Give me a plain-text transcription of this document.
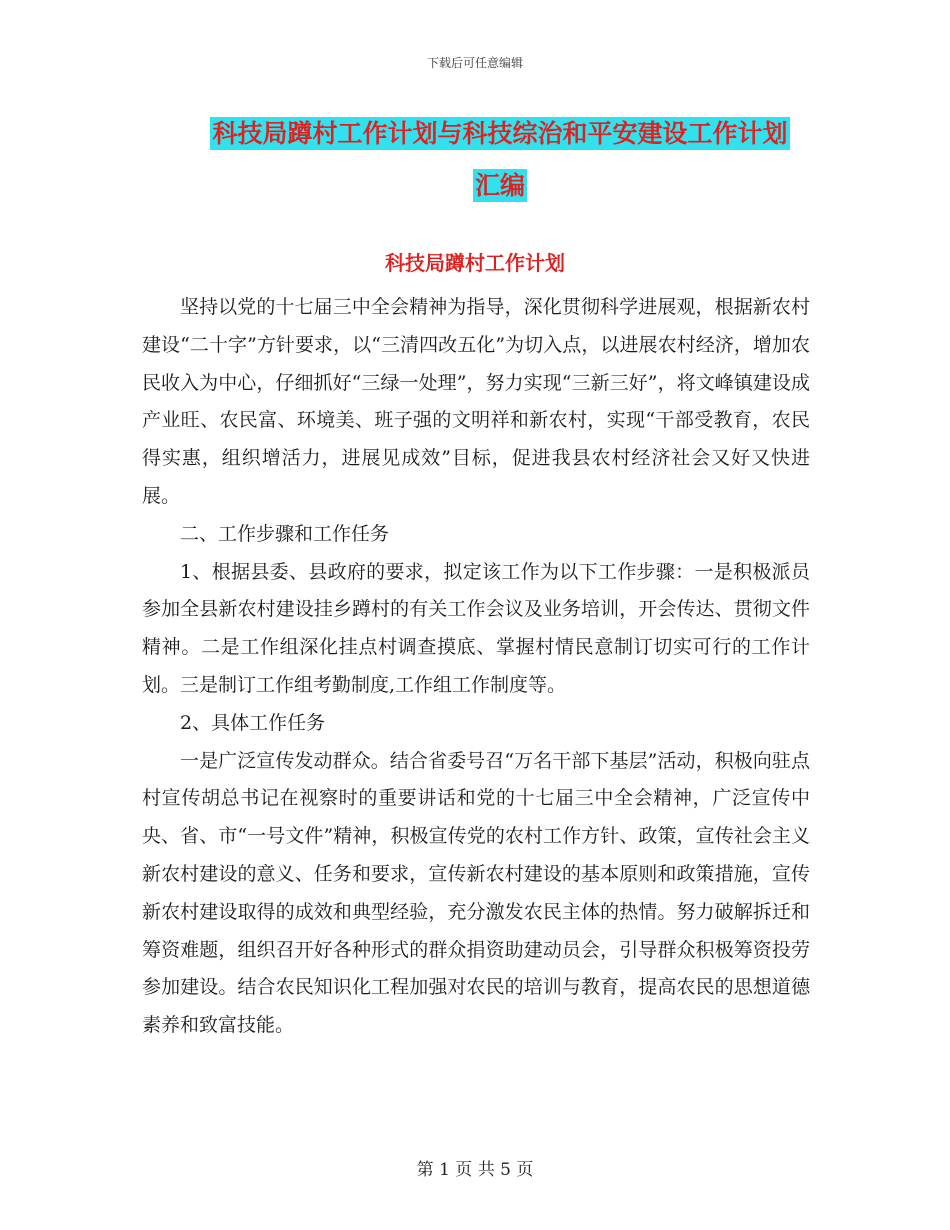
下载后可任意编辑
科技局蹲村工作计划与科技综治和平安建设工作计划
汇编
科技局蹲村工作计划

坚持以党的十七届三中全会精神为指导，深化贯彻科学进展观，根据新农村建设“二十字”方针要求，以“三清四改五化”为切入点，以进展农村经济，增加农民收入为中心，仔细抓好“三绿一处理”，努力实现“三新三好”，将文峰镇建设成产业旺、农民富、环境美、班子强的文明祥和新农村，实现“干部受教育，农民得实惠，组织增活力，进展见成效”目标，促进我县农村经济社会又好又快进展。

二、工作步骤和工作任务

1、根据县委、县政府的要求，拟定该工作为以下工作步骤：一是积极派员参加全县新农村建设挂乡蹲村的有关工作会议及业务培训，开会传达、贯彻文件精神。二是工作组深化挂点村调查摸底、掌握村情民意制订切实可行的工作计划。三是制订工作组考勤制度,工作组工作制度等。

2、具体工作任务

一是广泛宣传发动群众。结合省委号召“万名干部下基层”活动，积极向驻点村宣传胡总书记在视察时的重要讲话和党的十七届三中全会精神，广泛宣传中央、省、市“一号文件”精神，积极宣传党的农村工作方针、政策，宣传社会主义新农村建设的意义、任务和要求，宣传新农村建设的基本原则和政策措施，宣传新农村建设取得的成效和典型经验，充分激发农民主体的热情。努力破解拆迁和筹资难题，组织召开好各种形式的群众捐资助建动员会，引导群众积极筹资投劳参加建设。结合农民知识化工程加强对农民的培训与教育，提高农民的思想道德素养和致富技能。

第 1 页 共 5 页
